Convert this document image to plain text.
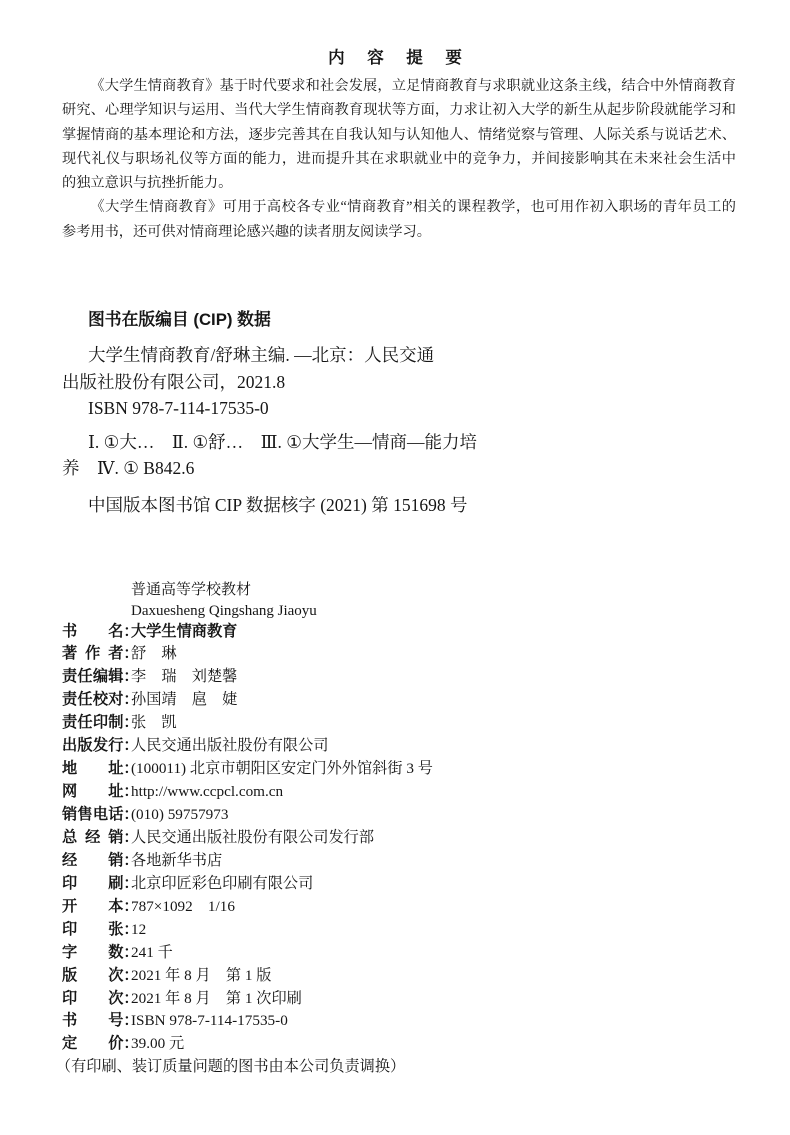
内 容 提 要
《大学生情商教育》基于时代要求和社会发展，立足情商教育与求职就业这条主线，结合中外情商教育
研究、心理学知识与运用、当代大学生情商教育现状等方面，力求让初入大学的新生从起步阶段就能学习和
掌握情商的基本理论和方法，逐步完善其在自我认知与认知他人、情绪觉察与管理、人际关系与说话艺术、
现代礼仪与职场礼仪等方面的能力，进而提升其在求职就业中的竞争力，并间接影响其在未来社会生活中
的独立意识与抗挫折能力。
《大学生情商教育》可用于高校各专业“情商教育”相关的课程教学，也可用作初入职场的青年员工的
参考用书，还可供对情商理论感兴趣的读者朋友阅读学习。
图书在版编目 (CIP) 数据
大学生情商教育/舒琳主编. —北京：人民交通
出版社股份有限公司，2021.8
ISBN 978-7-114-17535-0
Ⅰ. ①大…　Ⅱ. ①舒…　Ⅲ. ①大学生—情商—能力培
养　Ⅳ. ① B842.6
中国版本图书馆 CIP 数据核字 (2021) 第 151698 号
普通高等学校教材
Daxuesheng Qingshang Jiaoyu
书 名：大学生情商教育
著 作 者：舒　琳
责任编辑：李　瑞　刘楚馨
责任校对：孙国靖　扈　婕
责任印制：张　凯
出版发行：人民交通出版社股份有限公司
地 址：(100011) 北京市朝阳区安定门外外馆斜街 3 号
网 址：http://www.ccpcl.com.cn
销售电话：(010) 59757973
总 经 销：人民交通出版社股份有限公司发行部
经 销：各地新华书店
印 刷：北京印匠彩色印刷有限公司
开 本：787×1092　1/16
印 张：12
字 数：241 千
版 次：2021 年 8 月　第 1 版
印 次：2021 年 8 月　第 1 次印刷
书 号：ISBN 978-7-114-17535-0
定 价：39.00 元
（有印刷、装订质量问题的图书由本公司负责调换）
